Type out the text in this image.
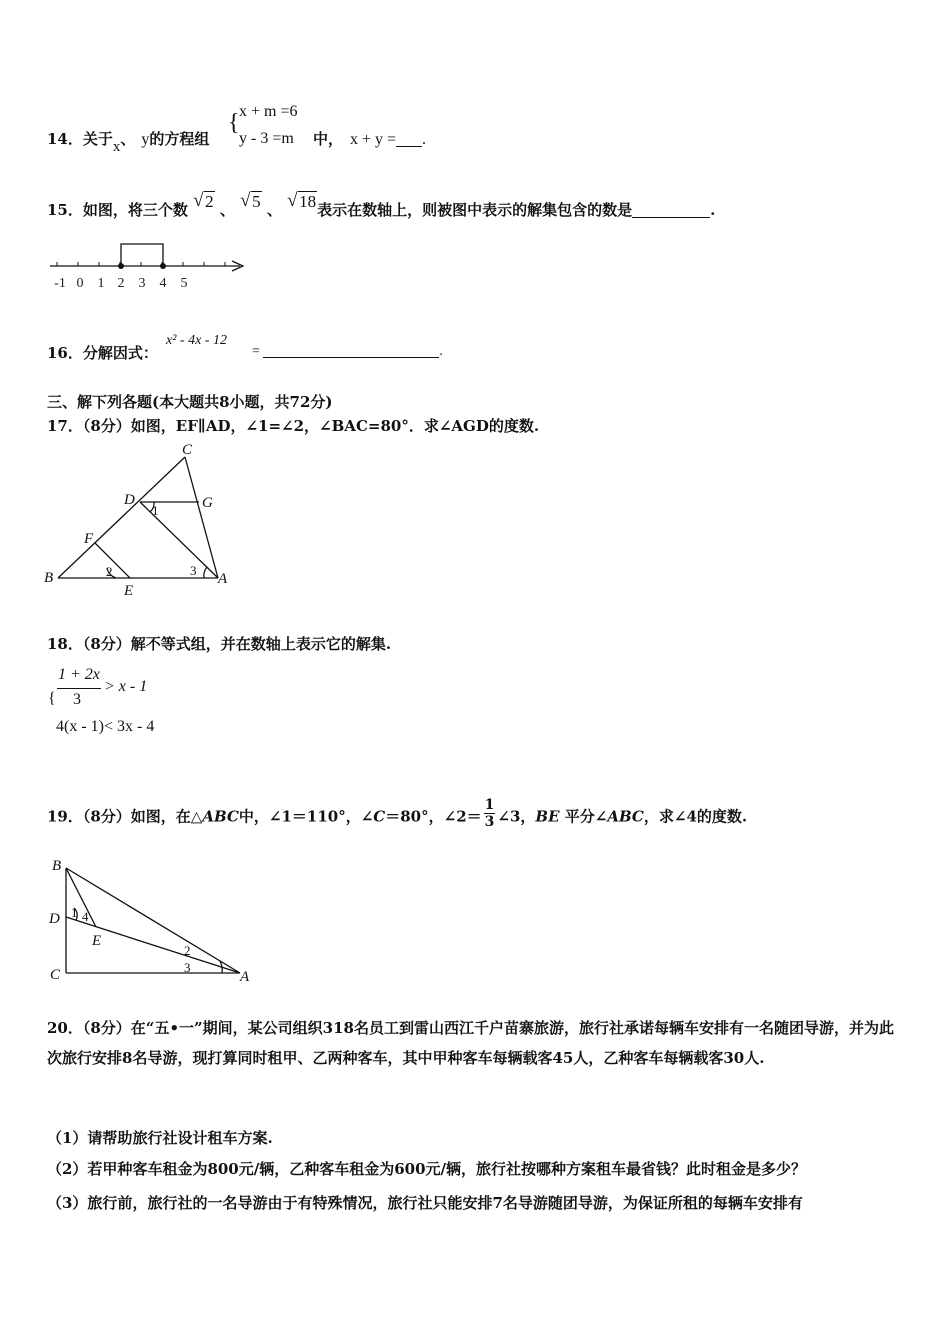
14．关于x、 y的方程组
{ x + m =6
y - 3 =m 中， x + y = .
15．如图，将三个数 √ 2 、 √ 5 、 √ 18表示在数轴上，则被图中表示的解集包含的数是	.
-1 0 1 2 3 4 5
16．分解因式：
x² - 4x - 12
=	.
三、解下列各题(本大题共8小题，共72分)
17．（8分）如图，EF∥AD，∠1=∠2，∠BAC=80°．求∠AGD的度数.
C
D	G
1
F
B	2	3
A
E
18．（8分）解不等式组，并在数轴上表示它的解集.
1 + 2x
3
> x - 1
{
4(x - 1)< 3x - 4
19．（8分）如图，在△ABC中，∠1＝110°，∠C＝80°，∠2＝ $\frac{1}{3}$ ∠3，BE 平分∠ABC，求∠4的度数.
B
D 1 4
E
2
3
C	A
20．（8分）在“五•一”期间，某公司组织318名员工到雷山西江千户苗寨旅游，旅行社承诺每辆车安排有一名随团导游，并为此次旅行安排8名导游，现打算同时租甲、乙两种客车，其中甲种客车每辆载客45人，乙种客车每辆载客30人.
（1）请帮助旅行社设计租车方案.
（2）若甲种客车租金为800元/辆，乙种客车租金为600元/辆，旅行社按哪种方案租车最省钱？此时租金是多少？
（3）旅行前，旅行社的一名导游由于有特殊情况，旅行社只能安排7名导游随团导游，为保证所租的每辆车安排有
